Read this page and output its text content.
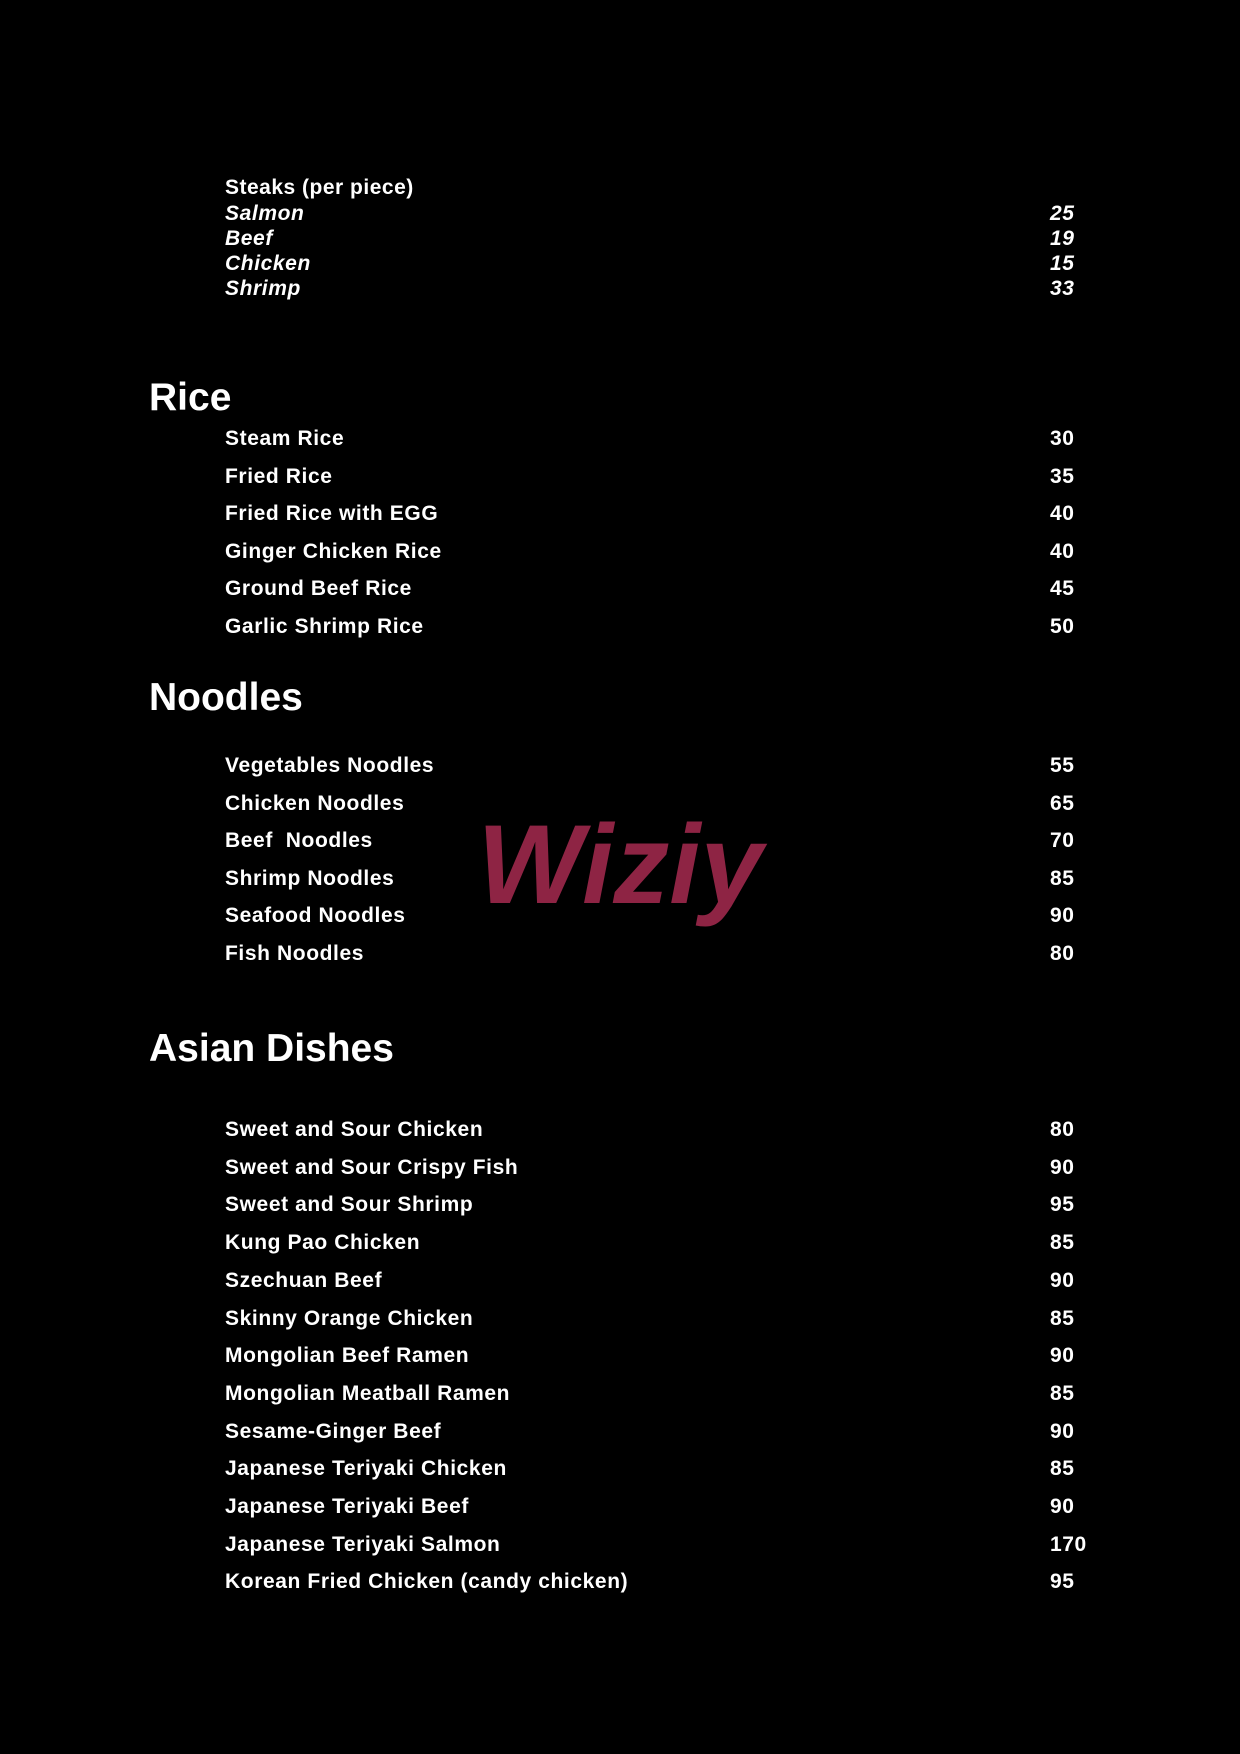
Steaks (per piece)
Salmon	25
Beef	19
Chicken	15
Shrimp	33
Rice
Steam Rice	30
Fried Rice	35
Fried Rice with EGG	40
Ginger Chicken Rice	40
Ground Beef Rice	45
Garlic Shrimp Rice	50
Noodles
Vegetables Noodles	55
Chicken Noodles	65
Beef  Noodles	70
Shrimp Noodles	85
Seafood Noodles	90
Fish Noodles	80
Asian Dishes
Sweet and Sour Chicken	80
Sweet and Sour Crispy Fish	90
Sweet and Sour Shrimp	95
Kung Pao Chicken	85
Szechuan Beef	90
Skinny Orange Chicken	85
Mongolian Beef Ramen	90
Mongolian Meatball Ramen	85
Sesame-Ginger Beef	90
Japanese Teriyaki Chicken	85
Japanese Teriyaki Beef	90
Japanese Teriyaki Salmon	170
Korean Fried Chicken (candy chicken)	95
Wiziy
